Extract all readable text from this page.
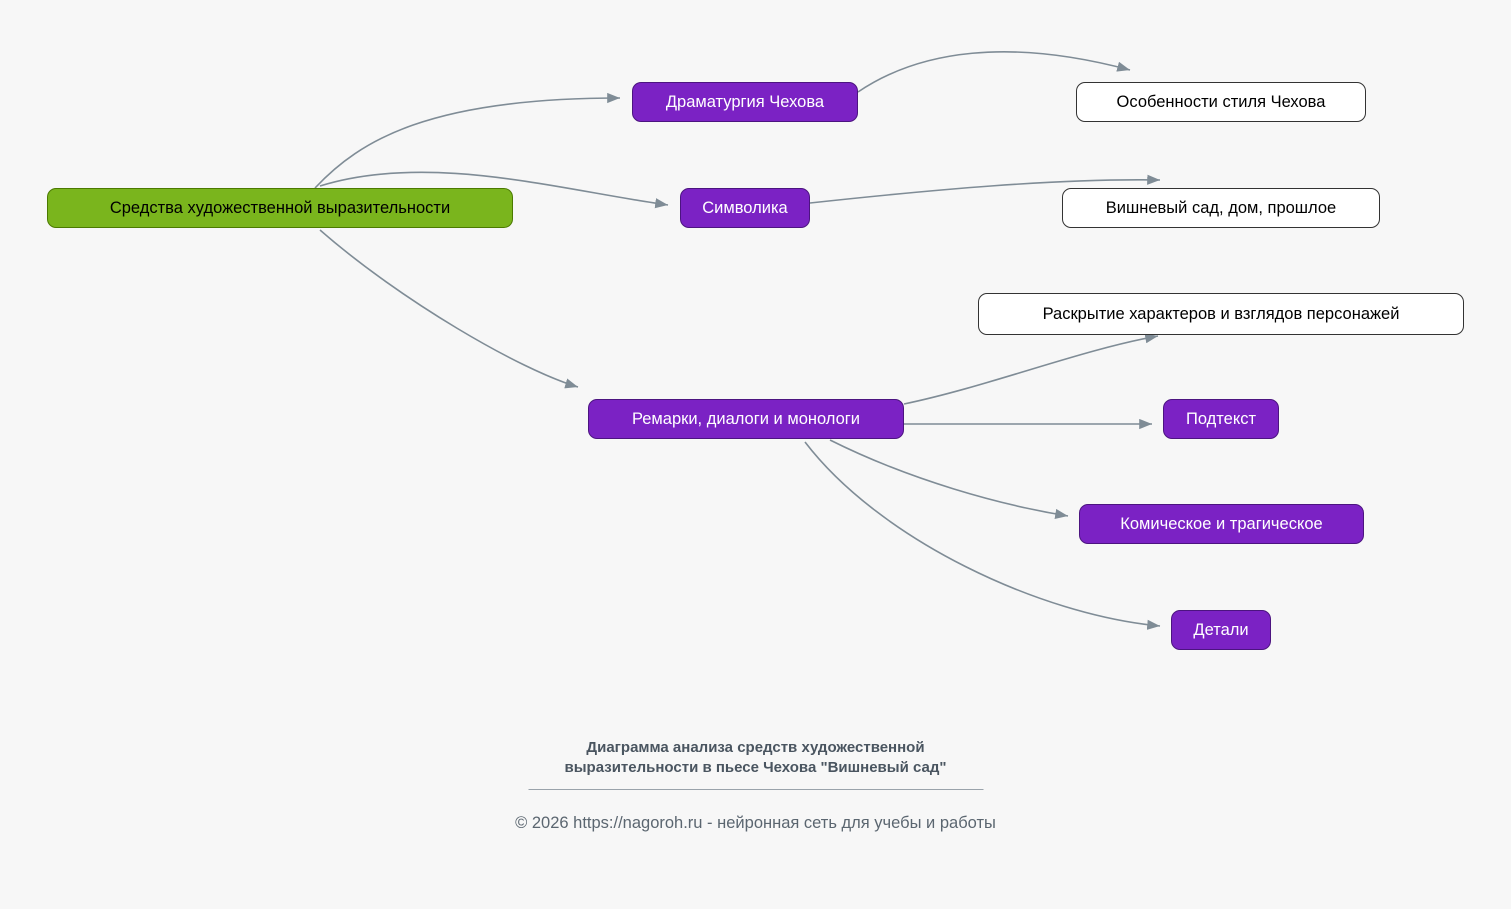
Средства художественной выразительности
Драматургия Чехова	Особенности стиля Чехова
Символика	Вишневый сад, дом, прошлое
Ремарки, диалоги и монологи
Раскрытие характеров и взглядов персонажей
Подтекст
Комическое и трагическое
Детали
Диаграмма анализа средств художественной
выразительности в пьесе Чехова "Вишневый сад"
© 2026 https://nagoroh.ru - нейронная сеть для учебы и работы
